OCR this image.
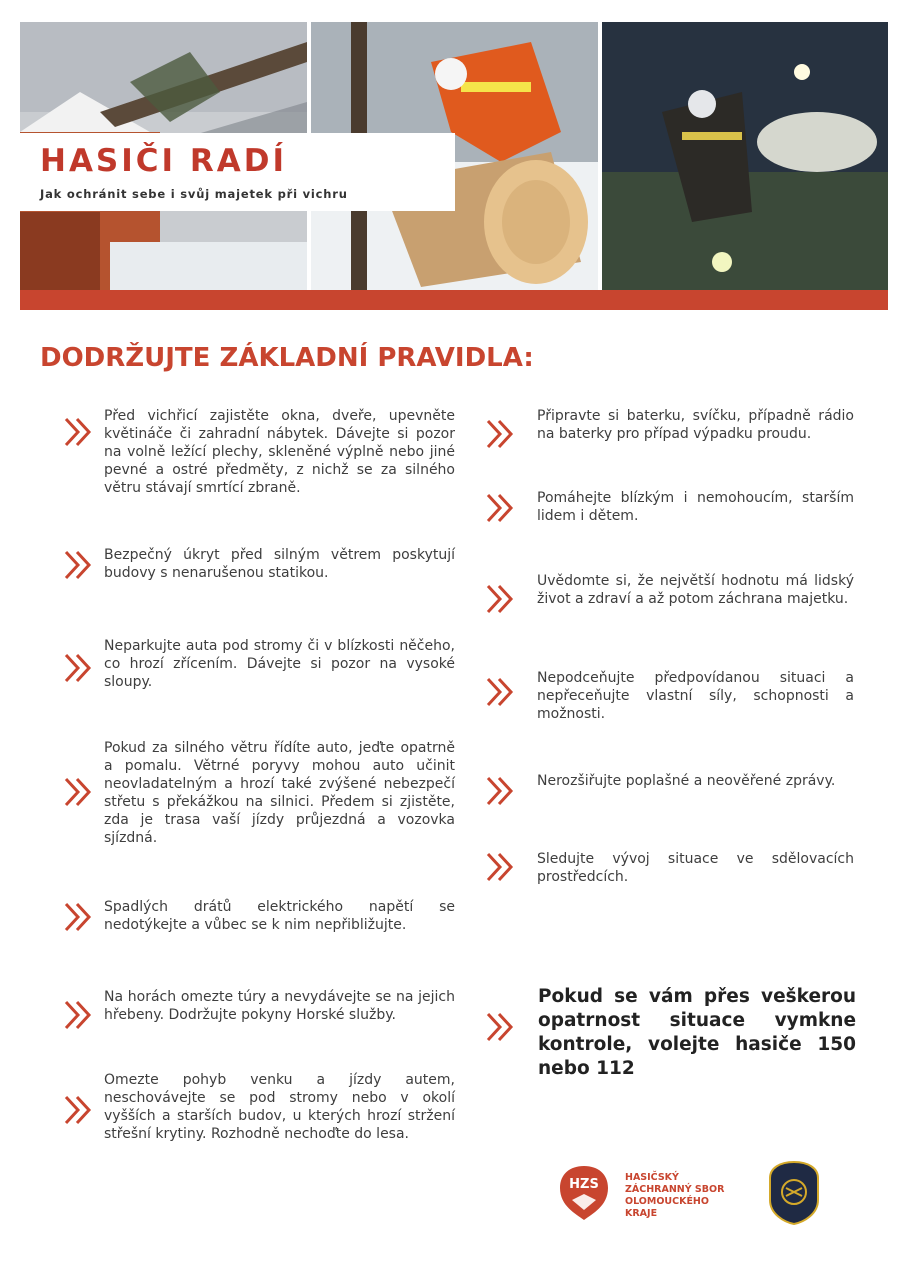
HASIČI RADÍ
Jak ochránit sebe i svůj majetek při vichru
DODRŽUJTE ZÁKLADNÍ PRAVIDLA:
Před vichřicí zajistěte okna, dveře, upevněte květináče či zahradní nábytek. Dávejte si pozor na volně ležící plechy, skleněné výplně nebo jiné pevné a ostré předměty, z nichž se za silného větru stávají smrtící zbraně.
Bezpečný úkryt před silným větrem poskytují budovy s nenarušenou statikou.
Neparkujte auta pod stromy či v blízkosti něčeho, co hrozí zřícením. Dávejte si pozor na vysoké sloupy.
Pokud za silného větru řídíte auto, jeďte opatrně a pomalu. Větrné poryvy mohou auto učinit neovladatelným a hrozí také zvýšené nebezpečí střetu s překážkou na silnici. Předem si zjistěte, zda je trasa vaší jízdy průjezdná a vozovka sjízdná.
Spadlých drátů elektrického napětí se nedotýkejte a vůbec se k nim nepřibližujte.
Na horách omezte túry a nevydávejte se na jejich hřebeny. Dodržujte pokyny Horské služby.
Omezte pohyb venku a jízdy autem, neschovávejte se pod stromy nebo v okolí vyšších a starších budov, u kterých hrozí stržení střešní krytiny. Rozhodně nechoďte do lesa.
Připravte si baterku, svíčku, případně rádio na baterky pro případ výpadku proudu.
Pomáhejte blízkým i nemohoucím, starším lidem i dětem.
Uvědomte si, že největší hodnotu má lidský život a zdraví a až potom záchrana majetku.
Nepodceňujte předpovídanou situaci a nepřeceňujte vlastní síly, schopnosti a možnosti.
Nerozšiřujte poplašné a neověřené zprávy.
Sledujte vývoj situace ve sdělovacích prostředcích.
Pokud se vám přes veškerou opatrnost situace vymkne kontrole, volejte hasiče 150 nebo 112
HZS	HASIČSKÝ
ZÁCHRANNÝ SBOR
OLOMOUCKÉHO
KRAJE
